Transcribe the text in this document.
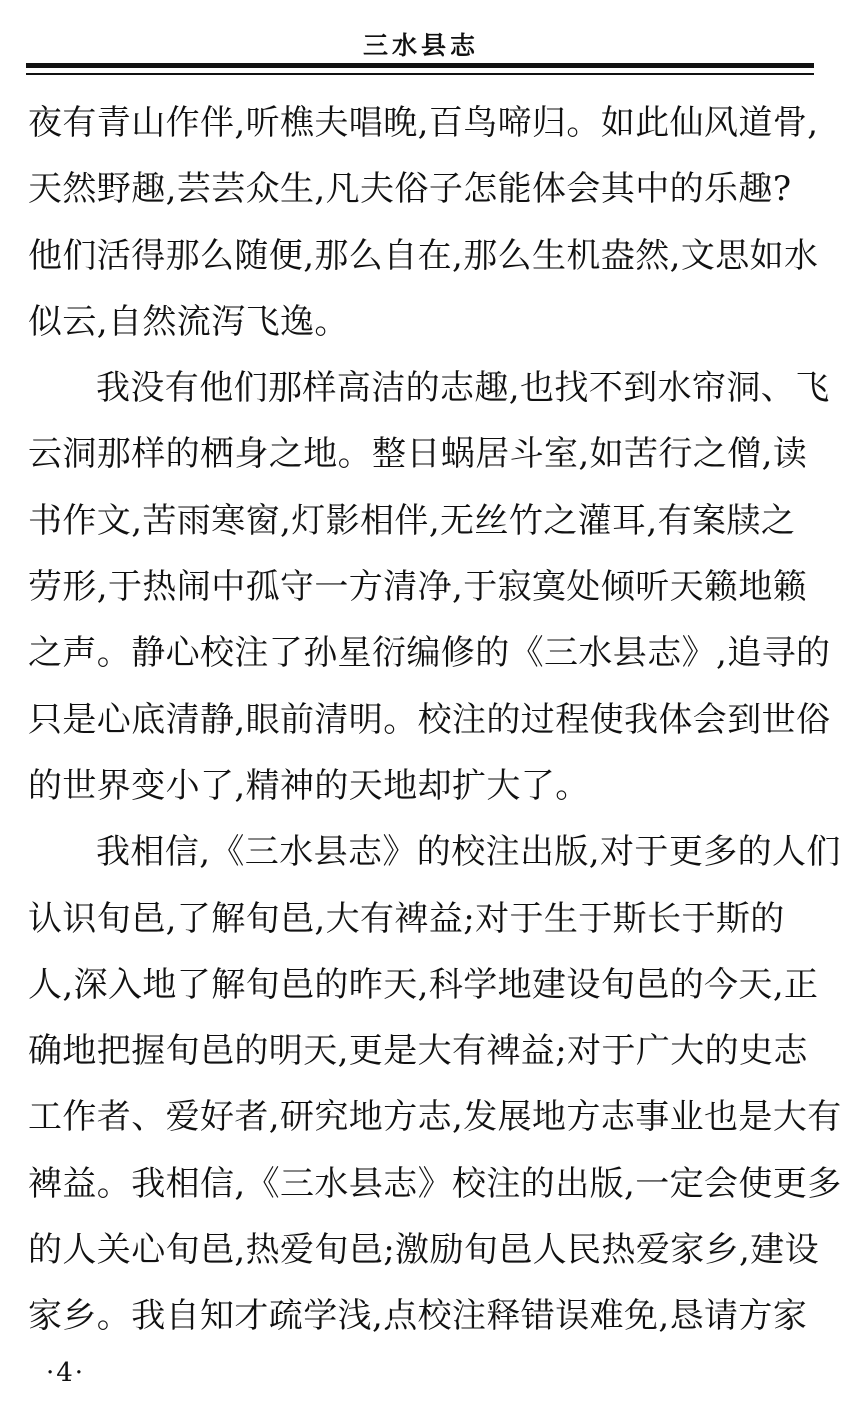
三水县志
夜有青山作伴,听樵夫唱晚,百鸟啼归。如此仙风道骨,
天然野趣,芸芸众生,凡夫俗子怎能体会其中的乐趣?
他们活得那么随便,那么自在,那么生机盎然,文思如水
似云,自然流泻飞逸。
我没有他们那样高洁的志趣,也找不到水帘洞、飞
云洞那样的栖身之地。整日蜗居斗室,如苦行之僧,读
书作文,苦雨寒窗,灯影相伴,无丝竹之灌耳,有案牍之
劳形,于热闹中孤守一方清净,于寂寞处倾听天籁地籁
之声。静心校注了孙星衍编修的《三水县志》,追寻的
只是心底清静,眼前清明。校注的过程使我体会到世俗
的世界变小了,精神的天地却扩大了。
我相信,《三水县志》的校注出版,对于更多的人们
认识旬邑,了解旬邑,大有裨益;对于生于斯长于斯的
人,深入地了解旬邑的昨天,科学地建设旬邑的今天,正
确地把握旬邑的明天,更是大有裨益;对于广大的史志
工作者、爱好者,研究地方志,发展地方志事业也是大有
裨益。我相信,《三水县志》校注的出版,一定会使更多
的人关心旬邑,热爱旬邑;激励旬邑人民热爱家乡,建设
家乡。我自知才疏学浅,点校注释错误难免,恳请方家
·4·
